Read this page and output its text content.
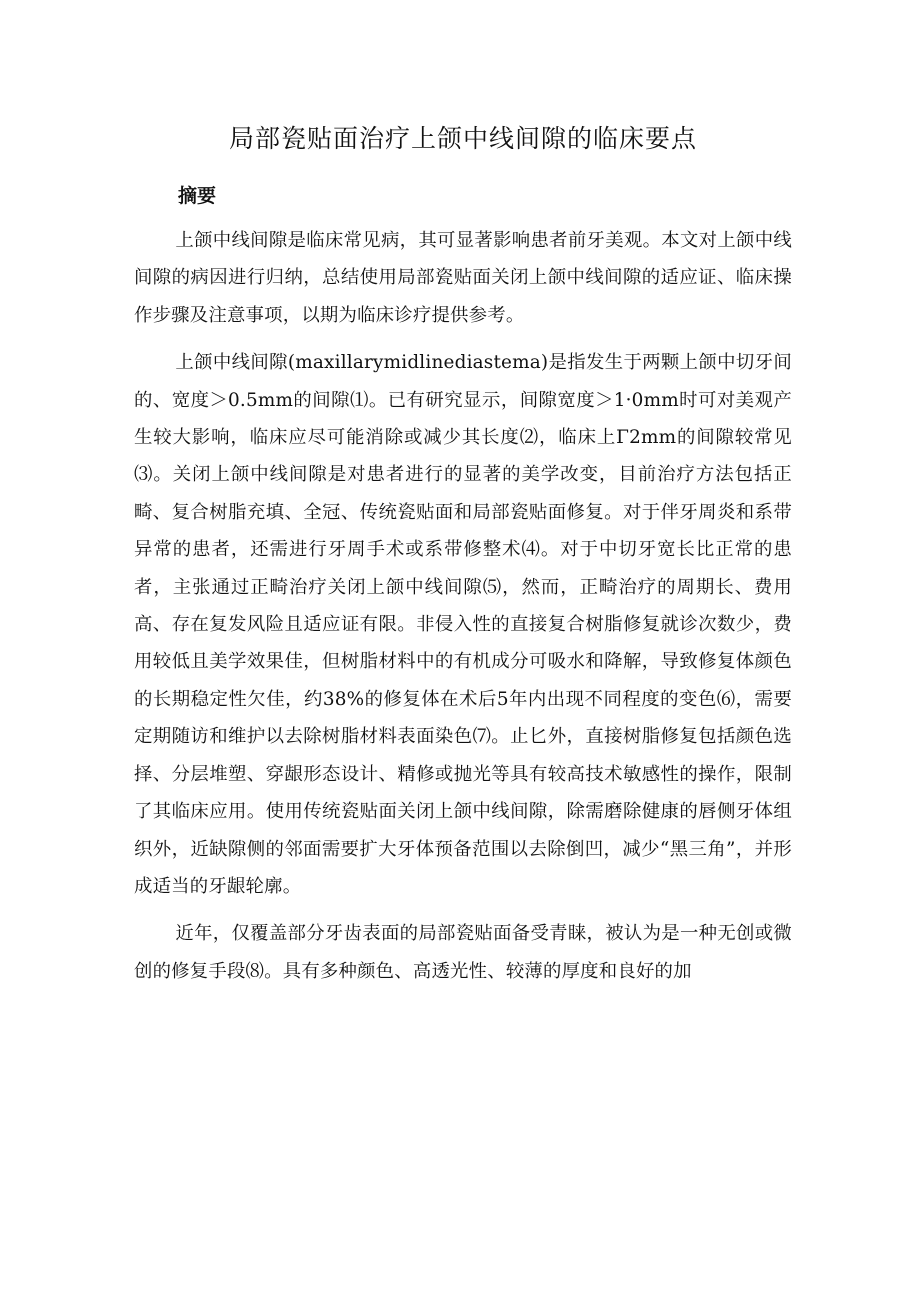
局部瓷贴面治疗上颌中线间隙的临床要点
摘要

上颌中线间隙是临床常见病，其可显著影响患者前牙美观。本文对上颌中线间隙的病因进行归纳，总结使用局部瓷贴面关闭上颌中线间隙的适应证、临床操作步骤及注意事项，以期为临床诊疗提供参考。

上颌中线间隙(maxillarymidlinediastema)是指发生于两颗上颌中切牙间的、宽度＞0.5mm的间隙⑴。已有研究显示，间隙宽度＞1·0mm时可对美观产生较大影响，临床应尽可能消除或减少其长度⑵，临床上Γ2mm的间隙较常见⑶。关闭上颌中线间隙是对患者进行的显著的美学改变，目前治疗方法包括正畸、复合树脂充填、全冠、传统瓷贴面和局部瓷贴面修复。对于伴牙周炎和系带异常的患者，还需进行牙周手术或系带修整术⑷。对于中切牙宽长比正常的患者，主张通过正畸治疗关闭上颌中线间隙⑸，然而，正畸治疗的周期长、费用高、存在复发风险且适应证有限。非侵入性的直接复合树脂修复就诊次数少，费用较低且美学效果佳，但树脂材料中的有机成分可吸水和降解，导致修复体颜色的长期稳定性欠佳，约38%的修复体在术后5年内出现不同程度的变色⑹，需要定期随访和维护以去除树脂材料表面染色⑺。止匕外，直接树脂修复包括颜色选择、分层堆塑、穿龈形态设计、精修或抛光等具有较高技术敏感性的操作，限制了其临床应用。使用传统瓷贴面关闭上颌中线间隙，除需磨除健康的唇侧牙体组织外，近缺隙侧的邻面需要扩大牙体预备范围以去除倒凹，减少“黑三角”，并形成适当的牙龈轮廓。

近年，仅覆盖部分牙齿表面的局部瓷贴面备受青睐，被认为是一种无创或微创的修复手段⑻。具有多种颜色、高透光性、较薄的厚度和良好的加
